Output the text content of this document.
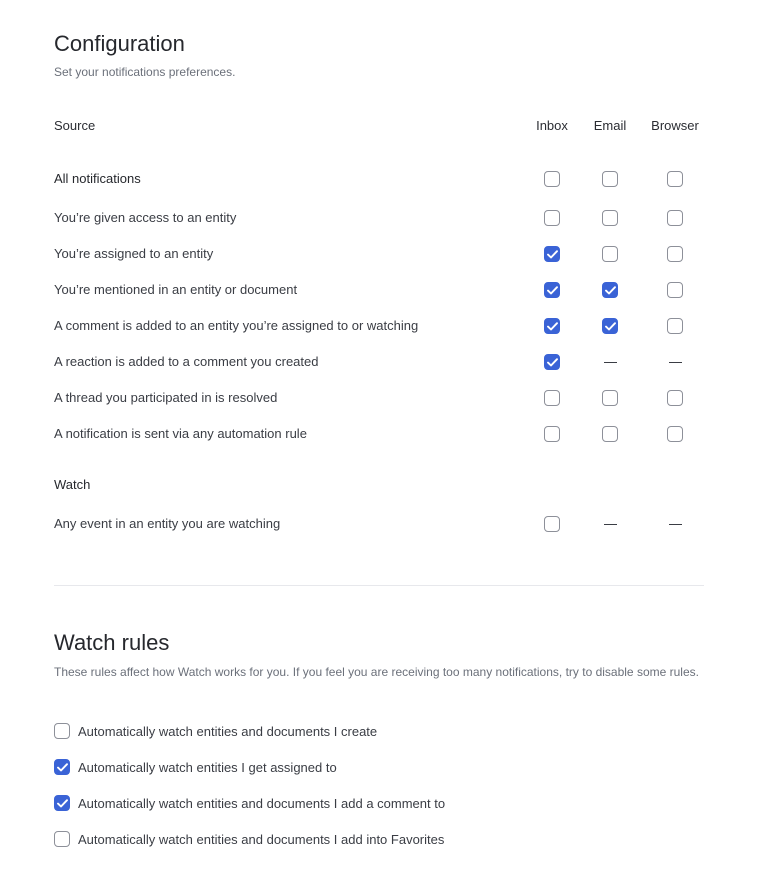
Configuration
Set your notifications preferences.
Source	Inbox Email Browser
All notifications
You’re given access to an entity
You’re assigned to an entity
You’re mentioned in an entity or document
A comment is added to an entity you’re assigned to or watching
A reaction is added to a comment you created
A thread you participated in is resolved
A notification is sent via any automation rule
Watch
Any event in an entity you are watching
Watch rules
These rules affect how Watch works for you. If you feel you are receiving too many notifications, try to disable some rules.
Automatically watch entities and documents I create
Automatically watch entities I get assigned to
Automatically watch entities and documents I add a comment to
Automatically watch entities and documents I add into Favorites
